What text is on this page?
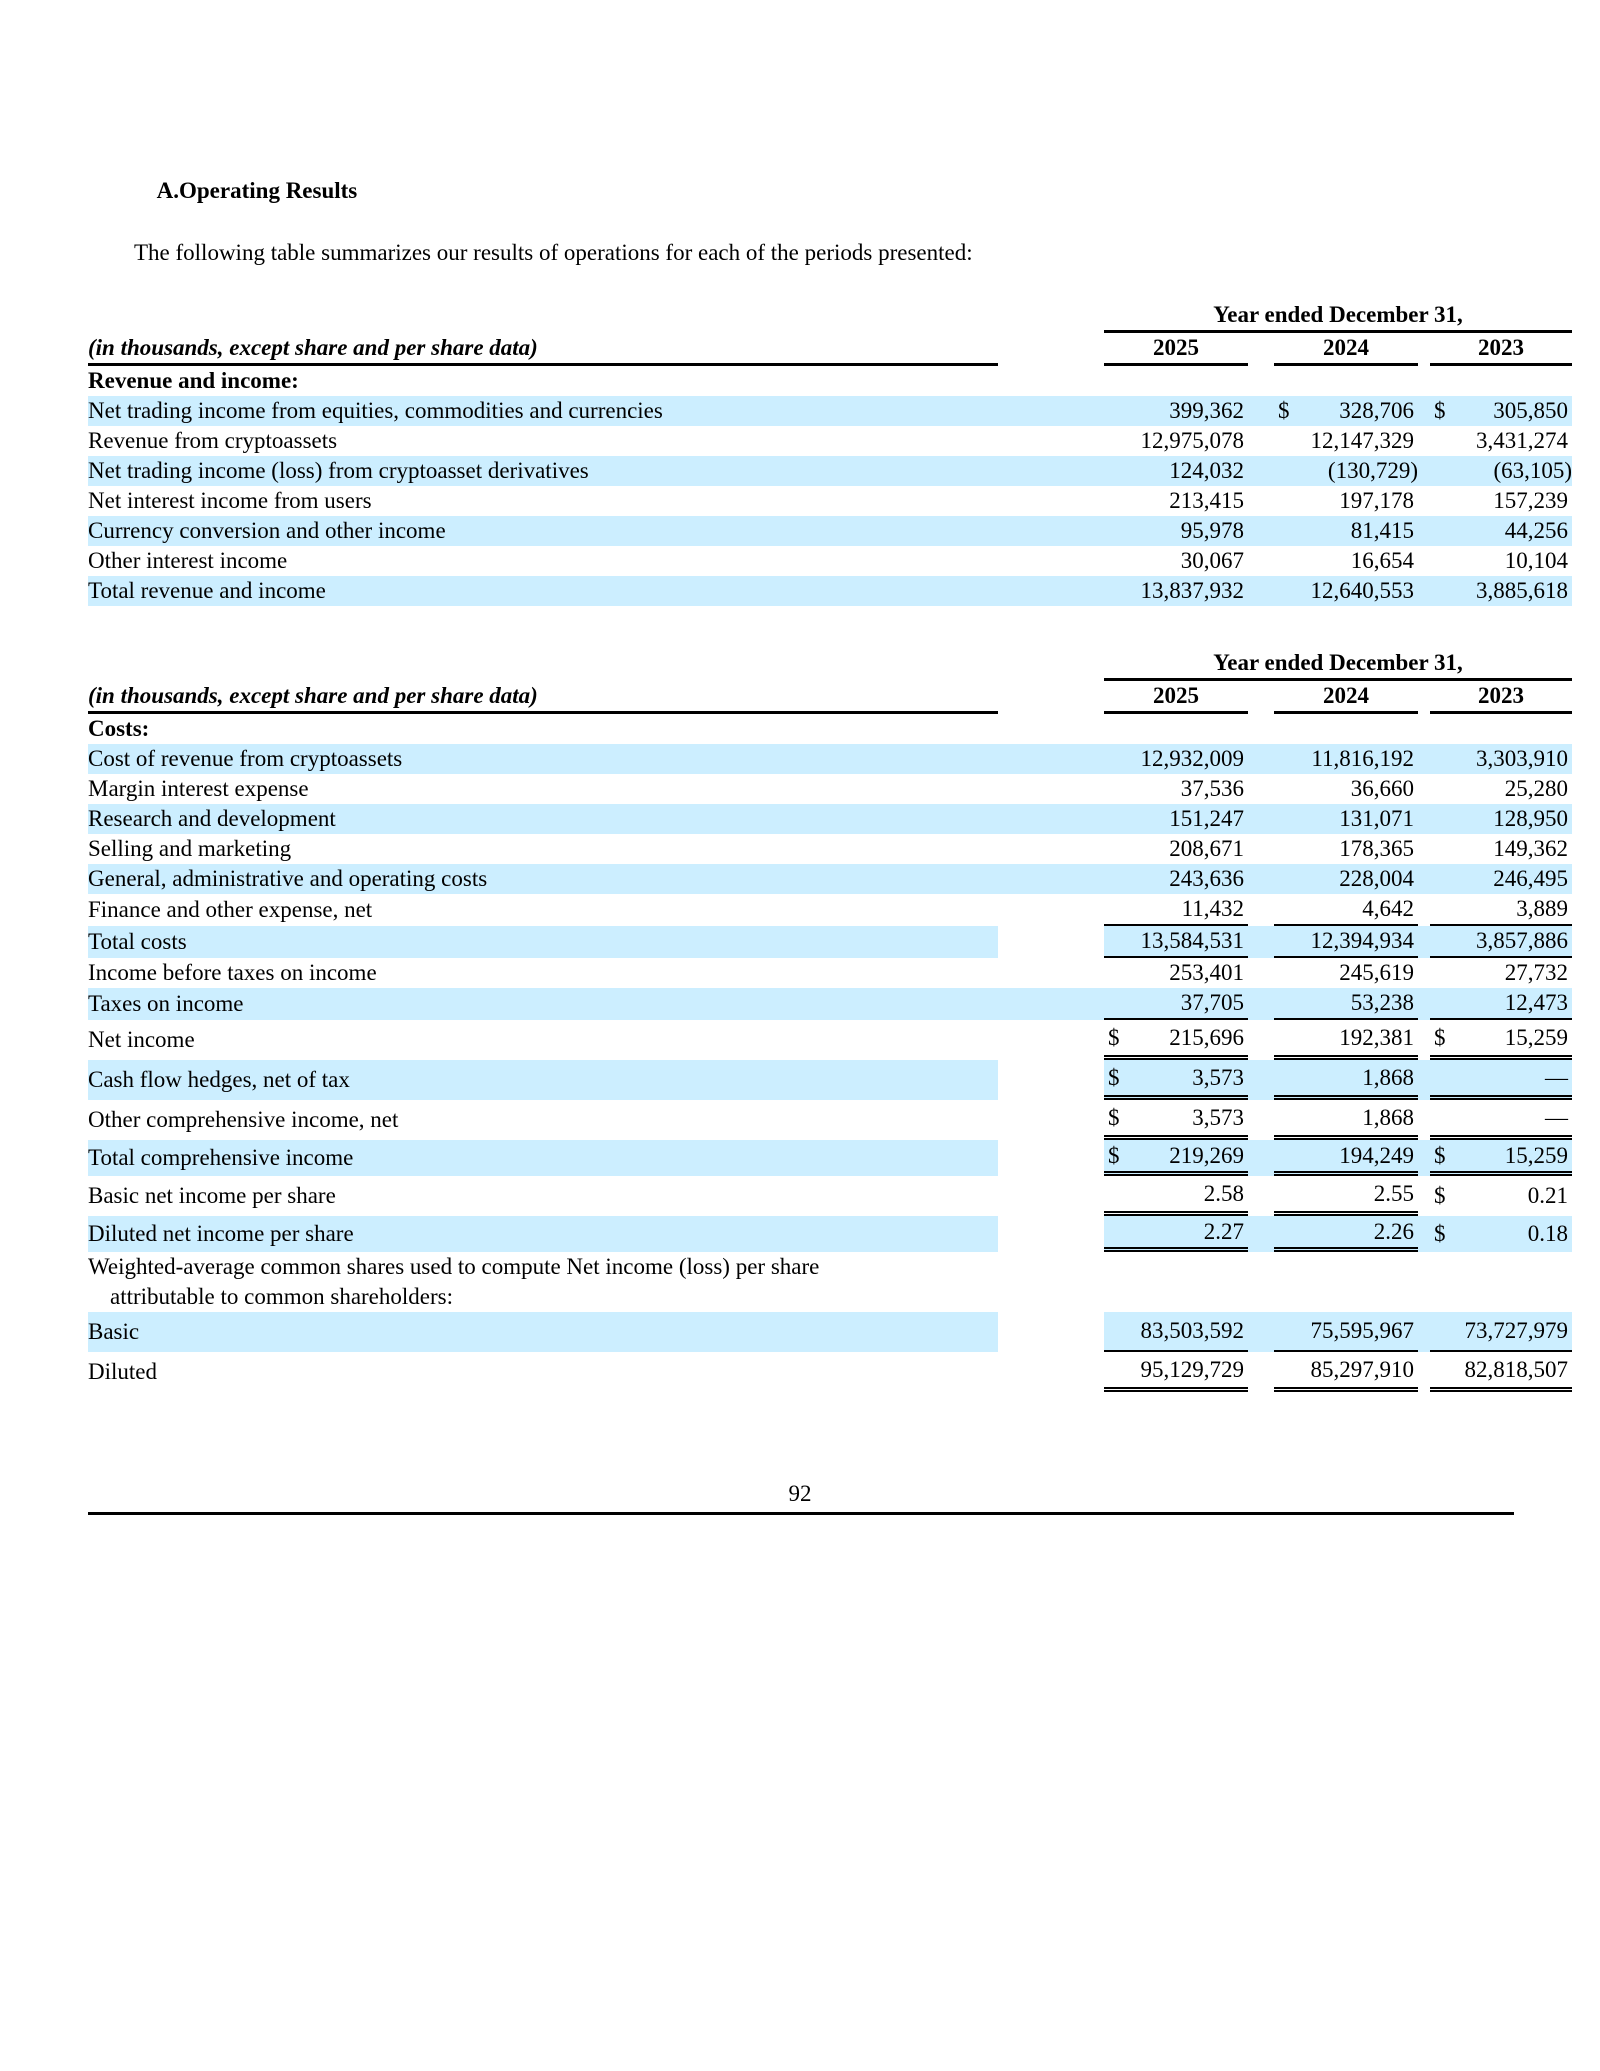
A.Operating Results
The following table summarizes our results of operations for each of the periods presented:
		Year ended December 31,							
(in thousands, except share and per share data)		2025			2024			2023	
Revenue and income:									
Net trading income from equities, commodities and currencies			399,362		$	328,706		$	305,850
Revenue from cryptoassets			12,975,078			12,147,329			3,431,274
Net trading income (loss) from cryptoasset derivatives			124,032			(130,729)			(63,105)
Net interest income from users			213,415			197,178			157,239
Currency conversion and other income			95,978			81,415			44,256
Other interest income			30,067			16,654			10,104
Total revenue and income			13,837,932			12,640,553			3,885,618
		Year ended December 31,							
(in thousands, except share and per share data)		2025			2024			2023	
Costs:									
Cost of revenue from cryptoassets			12,932,009			11,816,192			3,303,910
Margin interest expense			37,536			36,660			25,280
Research and development			151,247			131,071			128,950
Selling and marketing			208,671			178,365			149,362
General, administrative and operating costs			243,636			228,004			246,495
Finance and other expense, net			11,432			4,642			3,889
Total costs			13,584,531			12,394,934			3,857,886
Income before taxes on income			253,401			245,619			27,732
Taxes on income			37,705			53,238			12,473
Net income		$	215,696			192,381		$	15,259
Cash flow hedges, net of tax		$	3,573			1,868			—
Other comprehensive income, net		$	3,573			1,868			—
Total comprehensive income		$	219,269			194,249		$	15,259
Basic net income per share			2.58			2.55		$	0.21
Diluted net income per share			2.27			2.26		$	0.18
Weighted-average common shares used to compute Net income (loss) per share									
attributable to common shareholders:									
Basic			83,503,592			75,595,967			73,727,979
Diluted			95,129,729			85,297,910			82,818,507
92
